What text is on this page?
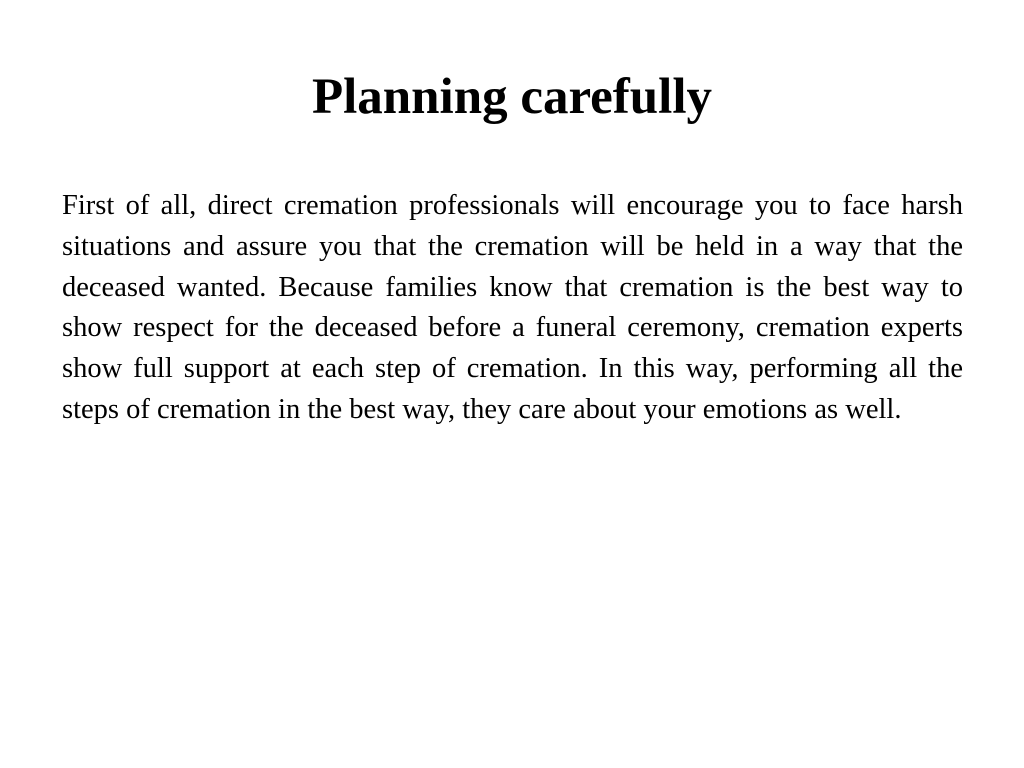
Planning carefully

First of all, direct cremation professionals will encourage you to face harsh situations and assure you that the cremation will be held in a way that the deceased wanted. Because families know that cremation is the best way to show respect for the deceased before a funeral ceremony, cremation experts show full support at each step of cremation. In this way, performing all the steps of cremation in the best way, they care about your emotions as well.
